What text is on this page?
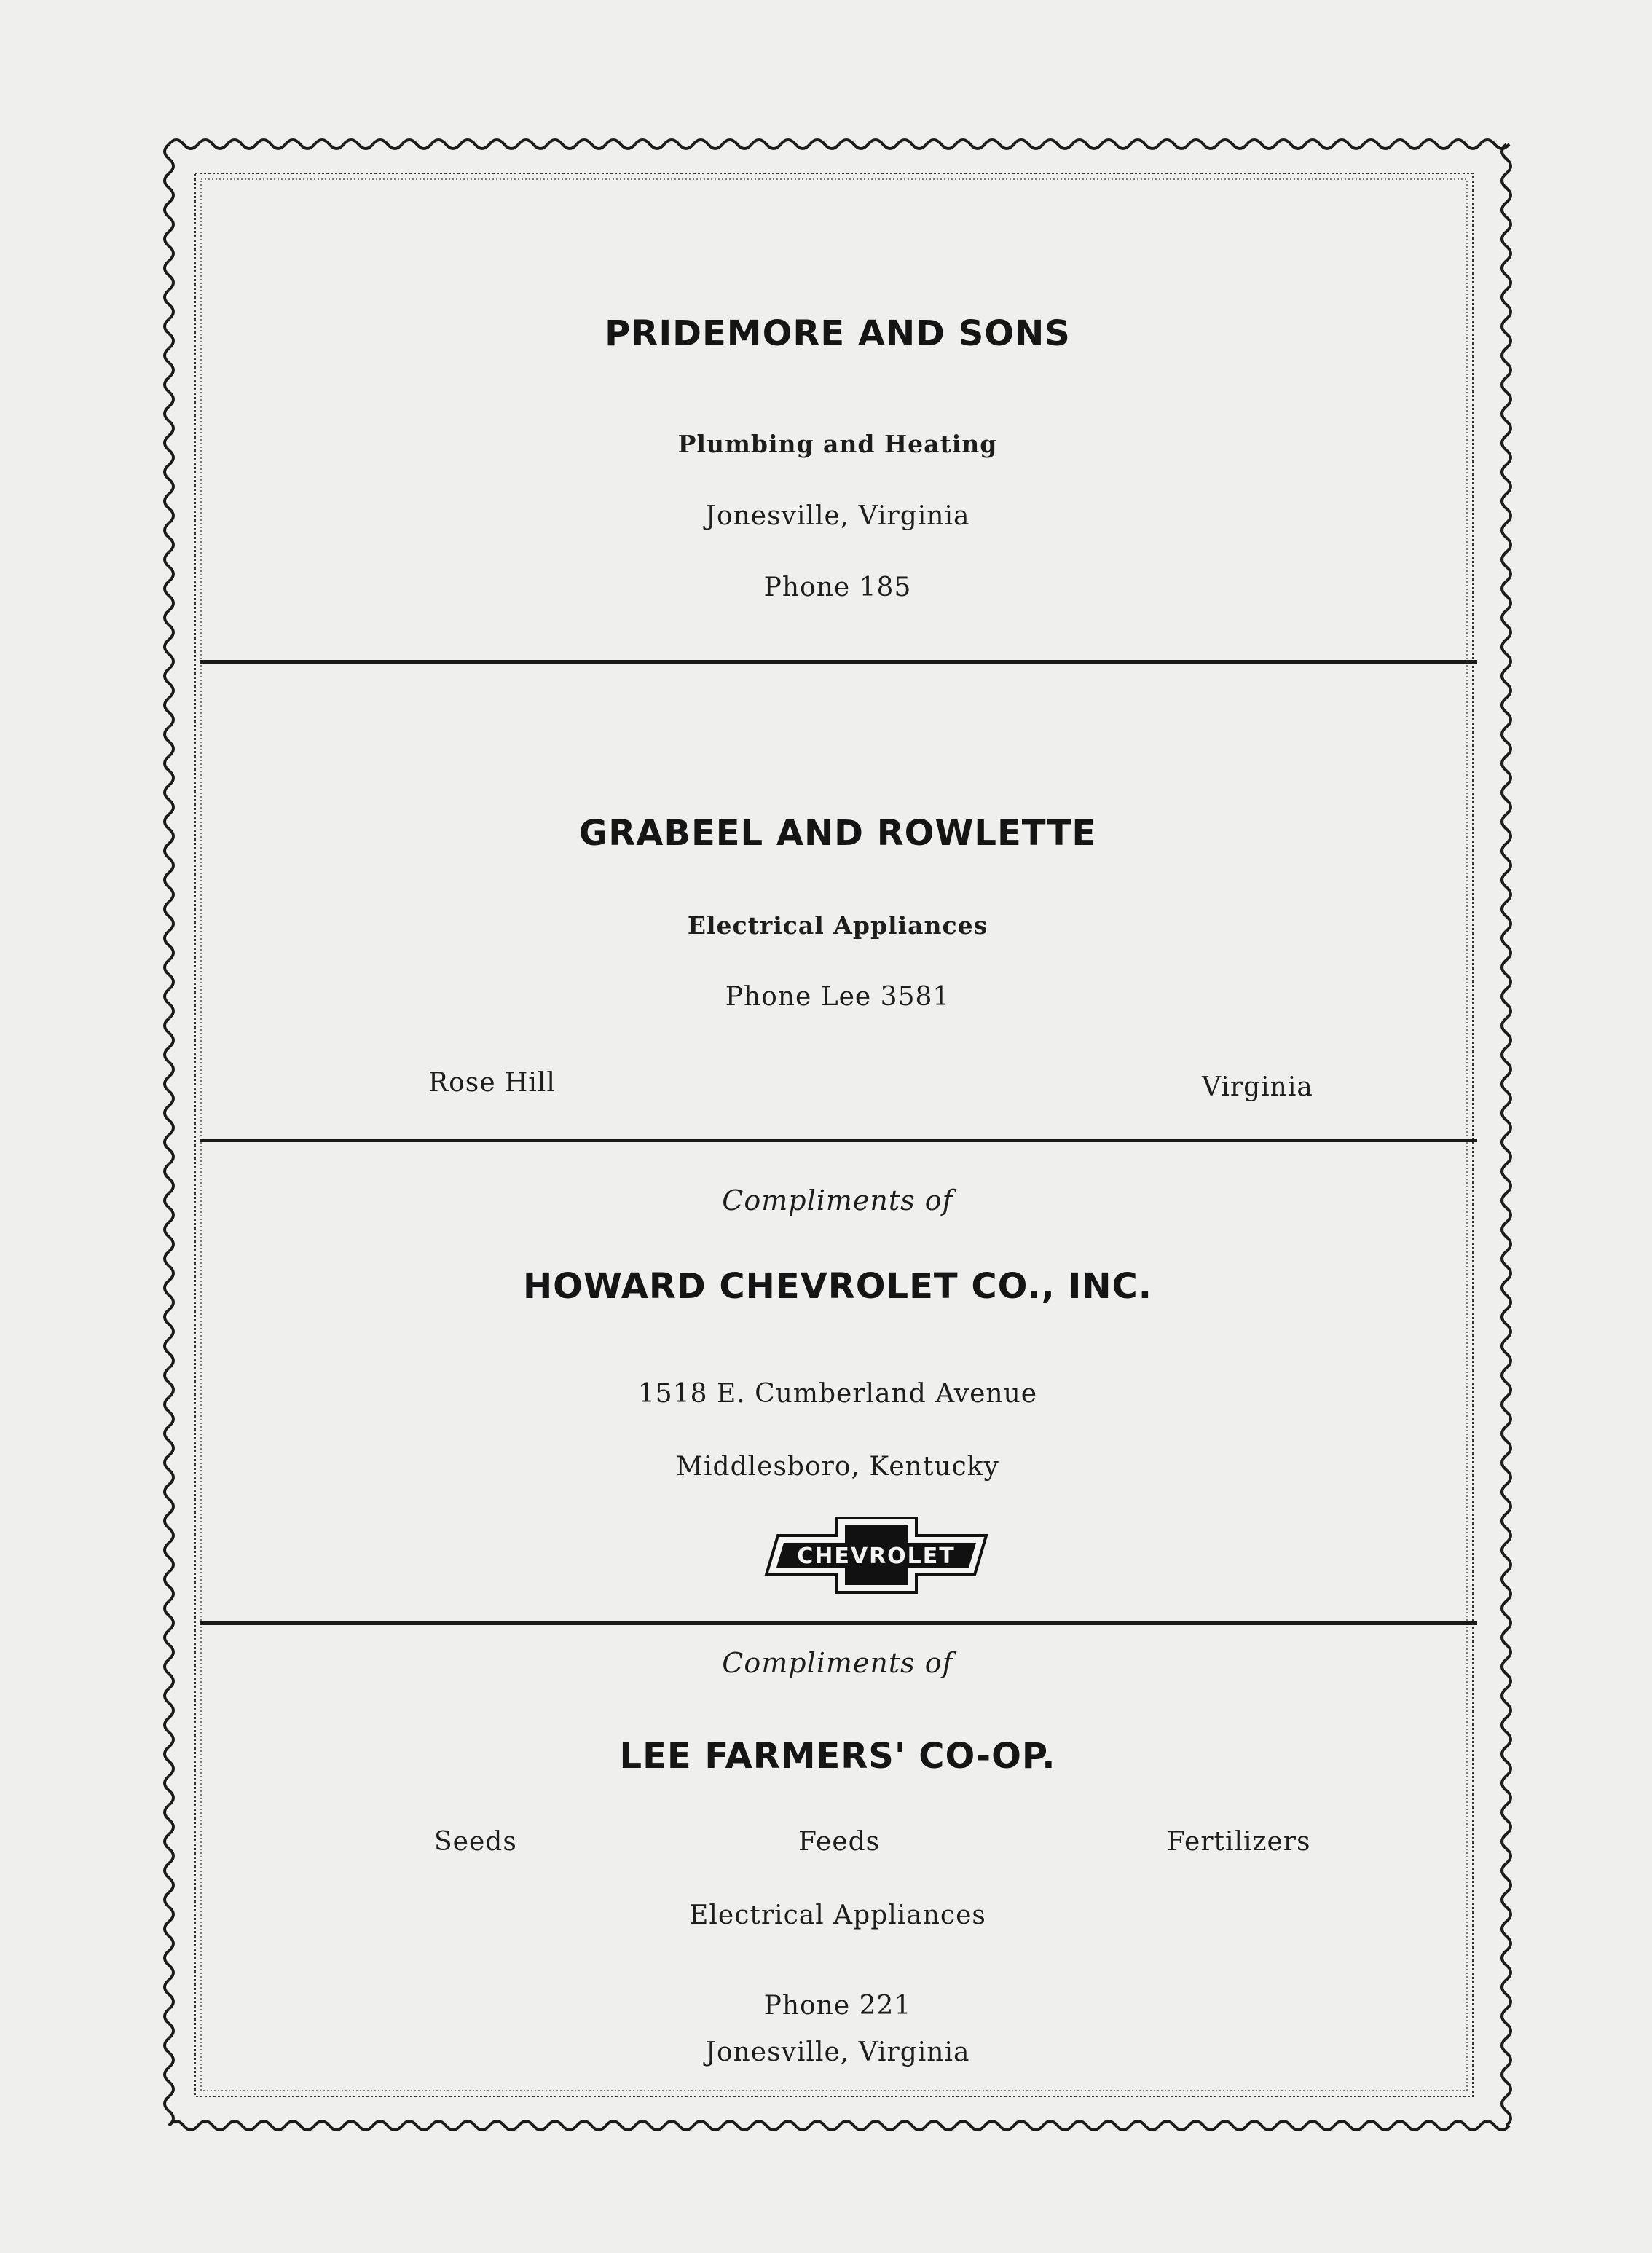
PRIDEMORE AND SONS
Plumbing and Heating
Jonesville, Virginia
Phone 185
GRABEEL AND ROWLETTE
Electrical Appliances
Phone Lee 3581
Rose Hill	Virginia
Compliments of
HOWARD CHEVROLET CO., INC.
1518 E. Cumberland Avenue
Middlesboro, Kentucky
CHEVROLET
Compliments of
LEE FARMERS' CO-OP.
Seeds	Feeds	Fertilizers
Electrical Appliances
Phone 221
Jonesville, Virginia
